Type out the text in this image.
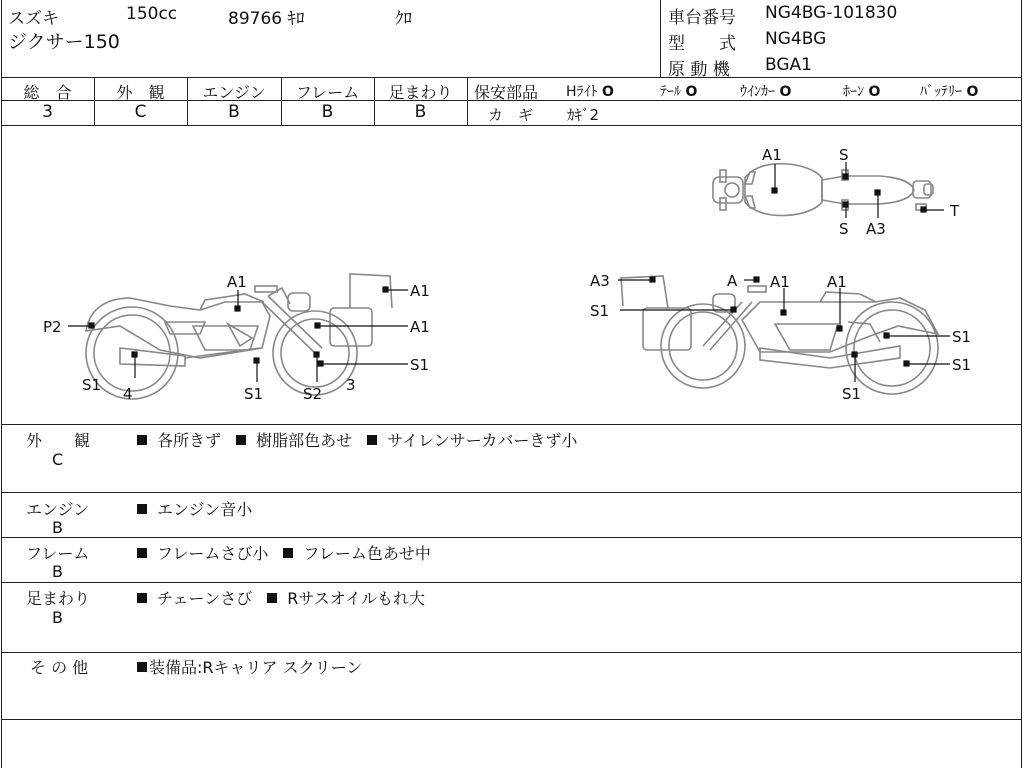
スズキ	150cc	89766 ｷﾛ	ｸﾛ
ジクサー150
車台番号 NG4BG-101830
型　　式 NG4BG
原 動 機 BGA1
総　合	外　観	エンジン	フレーム	足まわり
3	C	B	B	B
保安部品 Hﾗｲﾄ O	ﾃｰﾙ O	ｳｲﾝｶｰ O	ﾎｰﾝ O	ﾊﾞｯﾃﾘｰ O
カ　ギ ｶｷﾞ2
A1	S
S A3
T
A1	A1
A1
P2
S1 4	S1	S2
S1
3
A3	A A1 A1
S1
S1
S1
S1
外　　観
C
各所きず 樹脂部色あせ サイレンサーカバーきず小
エンジン
B
エンジン音小
フレーム
B
フレームさび小 フレーム色あせ中
足まわり
B
チェーンさび Rサスオイルもれ大
そ の 他	装備品:Rキャリア スクリーン
